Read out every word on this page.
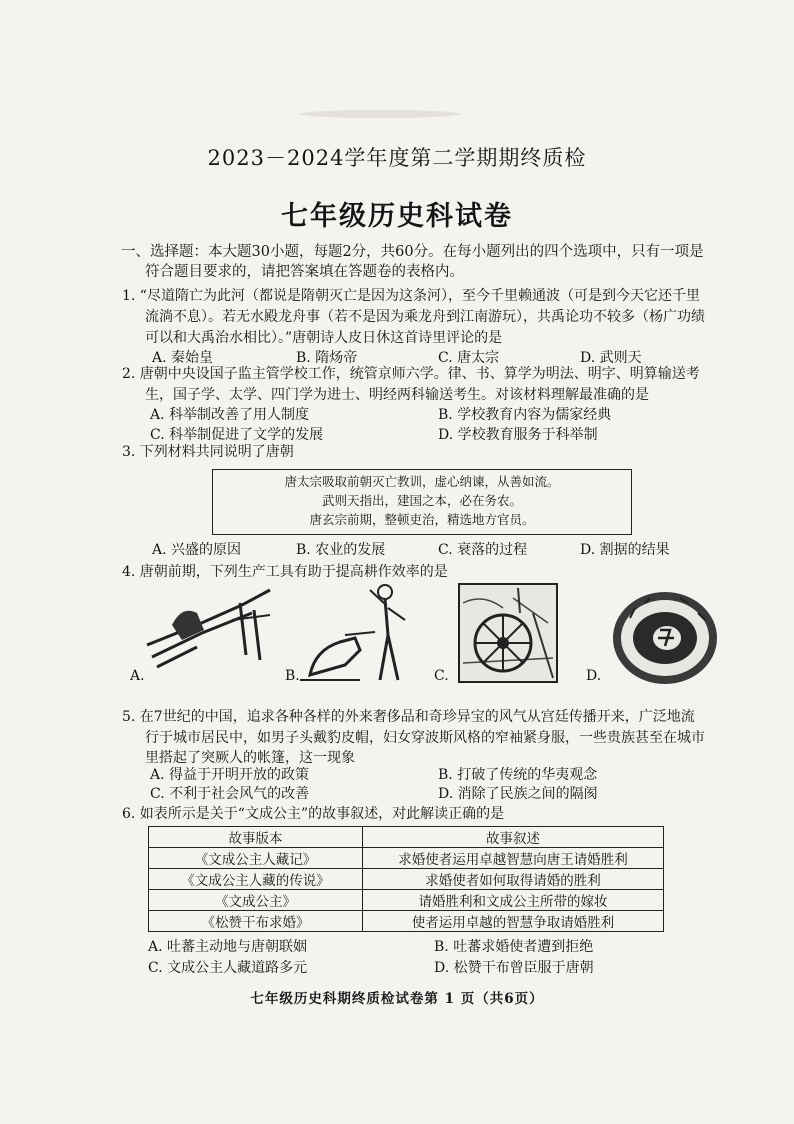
2023－2024学年度第二学期期终质检
七年级历史科试卷
一、选择题：本大题30小题，每题2分，共60分。在每小题列出的四个选项中，只有一项是
符合题目要求的，请把答案填在答题卷的表格内。
1. “尽道隋亡为此河（都说是隋朝灭亡是因为这条河），至今千里赖通波（可是到今天它还千里
流淌不息）。若无水殿龙舟事（若不是因为乘龙舟到江南游玩），共禹论功不较多（杨广功绩
可以和大禹治水相比）。”唐朝诗人皮日休这首诗里评论的是
A. 秦始皇	B. 隋炀帝	C. 唐太宗	D. 武则天
2. 唐朝中央设国子监主管学校工作，统管京师六学。律、书、算学为明法、明字、明算输送考
生，国子学、太学、四门学为进士、明经两科输送考生。对该材料理解最准确的是
A. 科举制改善了用人制度	B. 学校教育内容为儒家经典
C. 科举制促进了文学的发展	D. 学校教育服务于科举制
3. 下列材料共同说明了唐朝
唐太宗吸取前朝灭亡教训，虚心纳谏，从善如流。
武则天指出，建国之本，必在务农。
唐玄宗前期，整顿吏治，精选地方官员。
A. 兴盛的原因	B. 农业的发展	C. 衰落的过程	D. 割据的结果
4. 唐朝前期，下列生产工具有助于提高耕作效率的是
A.	B.	C.	D.
5. 在7世纪的中国，追求各种各样的外来奢侈品和奇珍异宝的风气从宫廷传播开来，广泛地流
行于城市居民中，如男子头戴豹皮帽，妇女穿波斯风格的窄袖紧身服，一些贵族甚至在城市
里搭起了突厥人的帐篷，这一现象
A. 得益于开明开放的政策	B. 打破了传统的华夷观念
C. 不利于社会风气的改善	D. 消除了民族之间的隔阂
6. 如表所示是关于“文成公主”的故事叙述，对此解读正确的是
故事版本	故事叙述
《文成公主人藏记》	求婚使者运用卓越智慧向唐王请婚胜利
《文成公主人藏的传说》	求婚使者如何取得请婚的胜利
《文成公主》	请婚胜利和文成公主所带的嫁妆
《松赞干布求婚》	使者运用卓越的智慧争取请婚胜利
A. 吐蕃主动地与唐朝联姻	B. 吐蕃求婚使者遭到拒绝
C. 文成公主人藏道路多元	D. 松赞干布曾臣服于唐朝
七年级历史科期终质检试卷第 1 页（共6页）
